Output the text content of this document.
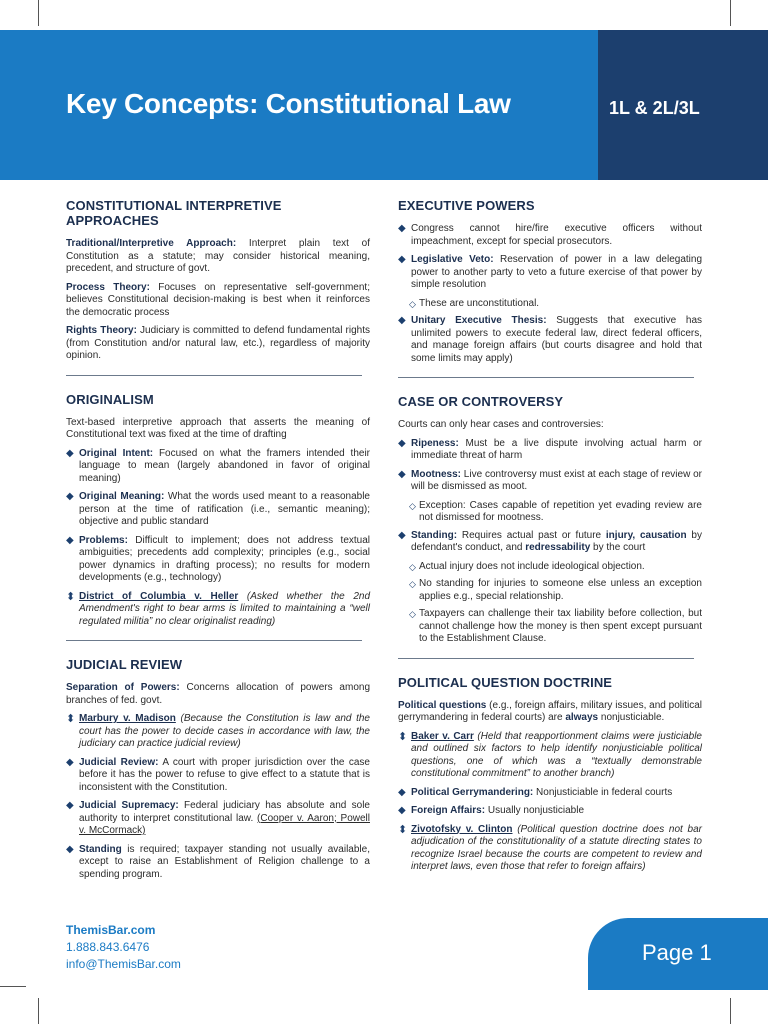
Key Concepts: Constitutional Law	1L & 2L/3L
CONSTITUTIONAL INTERPRETIVE APPROACHES

Traditional/Interpretive Approach: Interpret plain text of Constitution as a statute; may consider historical meaning, precedent, and structure of govt.

Process Theory: Focuses on representative self-government; believes Constitutional decision-making is best when it reinforces the democratic process

Rights Theory: Judiciary is committed to defend fundamental rights (from Constitution and/or natural law, etc.), regardless of majority opinion.

ORIGINALISM

Text-based interpretive approach that asserts the meaning of Constitutional text was fixed at the time of drafting

◆ Original Intent: Focused on what the framers intended their language to mean (largely abandoned in favor of original meaning)
◆ Original Meaning: What the words used meant to a reasonable person at the time of ratification (i.e., semantic meaning); objective and public standard
◆ Problems: Difficult to implement; does not address textual ambiguities; precedents add complexity; principles (e.g., social power dynamics in drafting process); no results for modern developments (e.g., technology)
⬍ District of Columbia v. Heller (Asked whether the 2nd Amendment's right to bear arms is limited to maintaining a “well regulated militia” no clear originalist reading)
JUDICIAL REVIEW

Separation of Powers: Concerns allocation of powers among branches of fed. govt.

⬍ Marbury v. Madison (Because the Constitution is law and the court has the power to decide cases in accordance with law, the judiciary can practice judicial review)
◆ Judicial Review: A court with proper jurisdiction over the case before it has the power to refuse to give effect to a statute that is inconsistent with the Constitution.
◆ Judicial Supremacy: Federal judiciary has absolute and sole authority to interpret constitutional law. (Cooper v. Aaron; Powell v. McCormack)
◆ Standing is required; taxpayer standing not usually available, except to raise an Establishment of Religion challenge to a spending program.
EXECUTIVE POWERS
◆ Congress cannot hire/fire executive officers without impeachment, except for special prosecutors.
◆ Legislative Veto: Reservation of power in a law delegating power to another party to veto a future exercise of that power by simple resolution
◇ These are unconstitutional.
◆ Unitary Executive Thesis: Suggests that executive has unlimited powers to execute federal law, direct federal officers, and manage foreign affairs (but courts disagree and hold that some limits may apply)
CASE OR CONTROVERSY

Courts can only hear cases and controversies:

◆ Ripeness: Must be a live dispute involving actual harm or immediate threat of harm
◆ Mootness: Live controversy must exist at each stage of review or will be dismissed as moot.
◇ Exception: Cases capable of repetition yet evading review are not dismissed for mootness.
◆ Standing: Requires actual past or future injury, causation by defendant's conduct, and redressability by the court
◇ Actual injury does not include ideological objection.
◇ No standing for injuries to someone else unless an exception applies e.g., special relationship.
◇ Taxpayers can challenge their tax liability before collection, but cannot challenge how the money is then spent except pursuant to the Establishment Clause.
POLITICAL QUESTION DOCTRINE

Political questions (e.g., foreign affairs, military issues, and political gerrymandering in federal courts) are always nonjusticiable.

⬍ Baker v. Carr (Held that reapportionment claims were justiciable and outlined six factors to help identify nonjusticiable political questions, one of which was a “textually demonstrable constitutional commitment” to another branch)
◆ Political Gerrymandering: Nonjusticiable in federal courts
◆ Foreign Affairs: Usually nonjusticiable
⬍ Zivotofsky v. Clinton (Political question doctrine does not bar adjudication of the constitutionality of a statute directing states to recognize Israel because the courts are competent to review and interpret laws, even those that refer to foreign affairs)
ThemisBar.com
1.888.843.6476
info@ThemisBar.com	Page 1
